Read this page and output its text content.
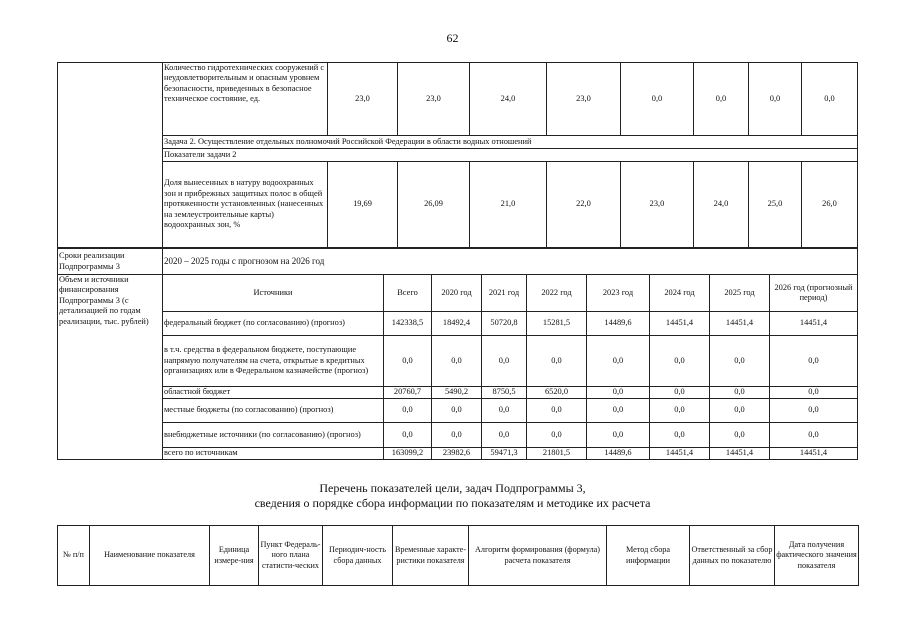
62
	Количество гидротехнических сооружений с неудовлетворительным и опасным уровнем безопасности, приведенных в безопасное техническое состояние, ед.	23,0	23,0	24,0	23,0	0,0	0,0	0,0	0,0
	Задача 2. Осуществление отдельных полномочий Российской Федерации в области водных отношений								
	Показатели задачи 2								
	Доля вынесенных в натуру водоохранных зон и прибрежных защитных полос в общей протяженности установленных (нанесенных на землеустроительные карты) водоохранных зон, %	19,69	26,09	21,0	22,0	23,0	24,0	25,0	26,0
Сроки реализации Подпрограммы 3	2020 – 2025 годы с прогнозом на 2026 год								
Объем и источники финансирования Подпрограммы 3 (с детализацией по годам реализации, тыс. рублей)	Источники	Всего	2020 год	2021 год	2022 год	2023 год	2024 год	2025 год	2026 год (прогнозный период)
	федеральный бюджет (по согласованию) (прогноз)	142338,5	18492,4	50720,8	15281,5	14489,6	14451,4	14451,4	14451,4
	в т.ч. средства в федеральном бюджете, поступающие напрямую получателям на счета, открытые в кредитных организациях или в Федеральном казначействе (прогноз)	0,0	0,0	0,0	0,0	0,0	0,0	0,0	0,0
	областной бюджет	20760,7	5490,2	8750,5	6520,0	0,0	0,0	0,0	0,0
	местные бюджеты (по согласованию) (прогноз)	0,0	0,0	0,0	0,0	0,0	0,0	0,0	0,0
	внебюджетные источники (по согласованию) (прогноз)	0,0	0,0	0,0	0,0	0,0	0,0	0,0	0,0
	всего по источникам	163099,2	23982,6	59471,3	21801,5	14489,6	14451,4	14451,4	14451,4
Перечень показателей цели, задач Подпрограммы 3,
сведения о порядке сбора информации по показателям и методике их расчета
№ п/п	Наименование показателя	Единица измере-ния	Пункт Федераль-ного плана статисти-ческих	Периодич-ность сбора данных	Временные характе-ристики показателя	Алгоритм формирования (формула) расчета показателя	Метод сбора информации	Ответственный за сбор данных по показателю	Дата получения фактического значения показателя
